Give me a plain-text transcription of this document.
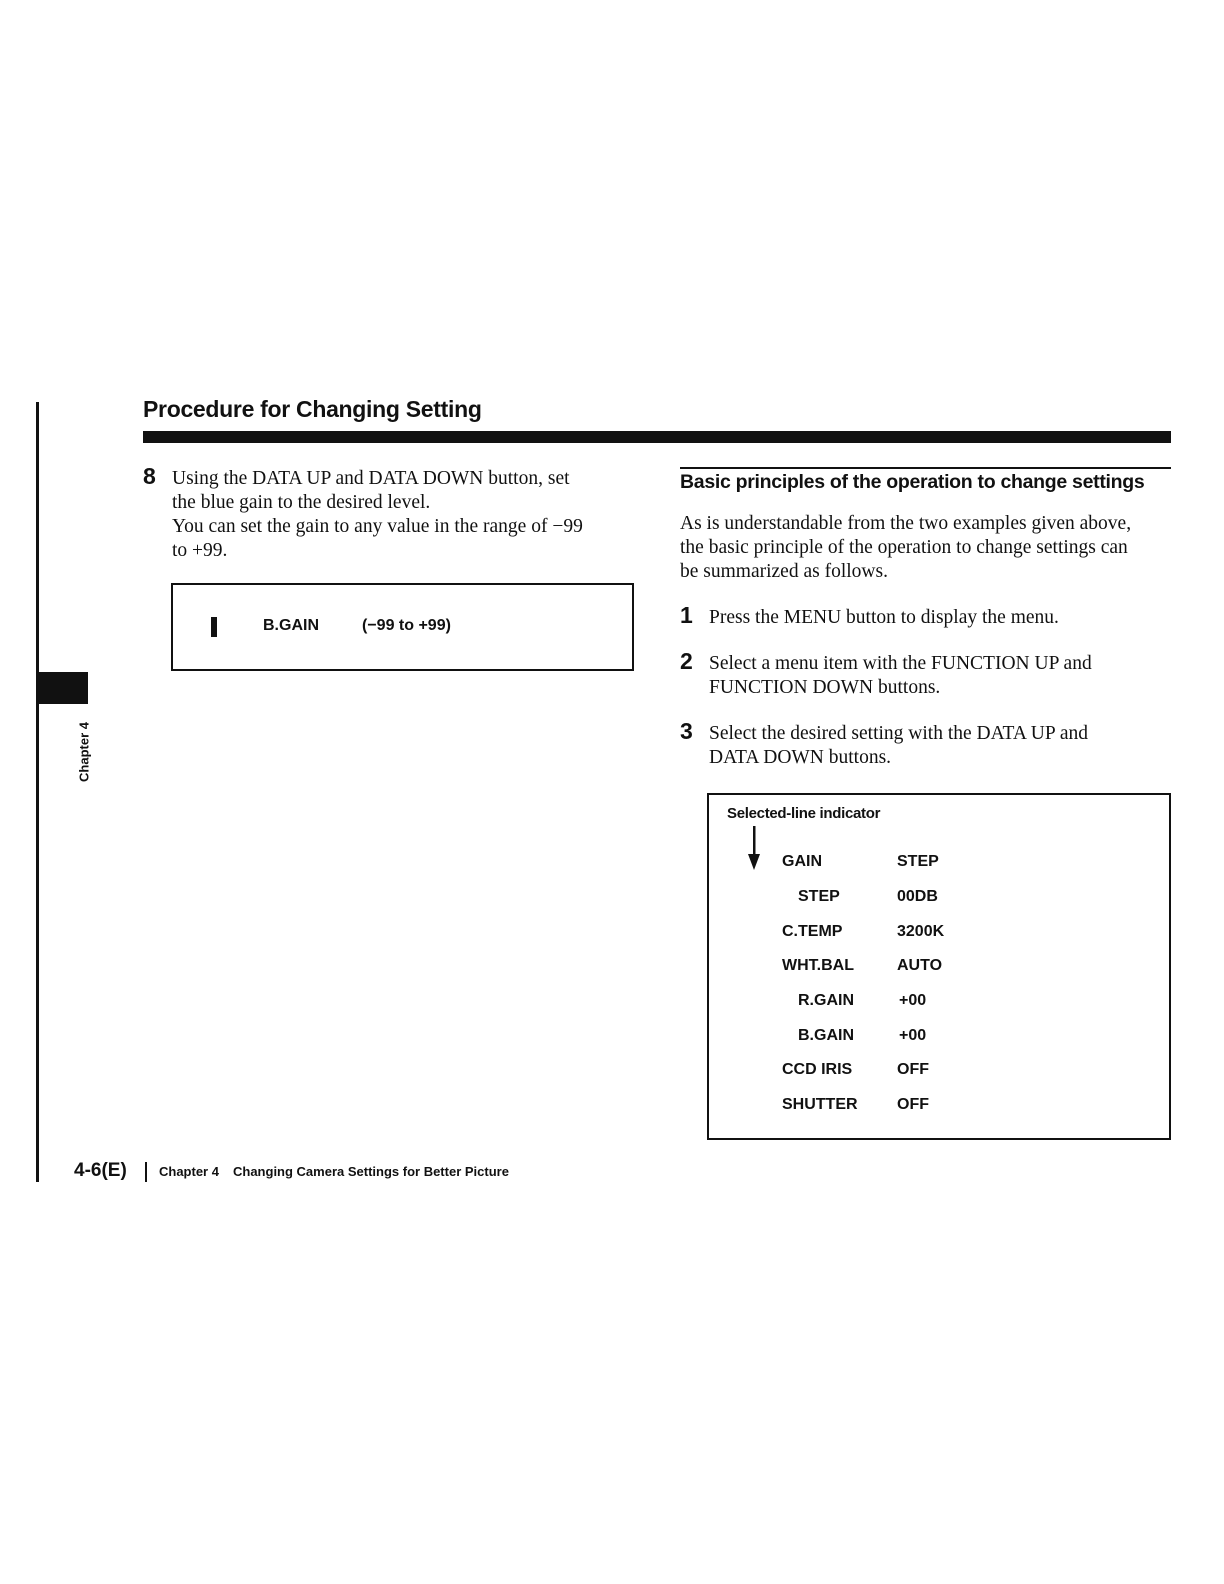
Chapter 4
Procedure for Changing Setting
8 Using the DATA UP and DATA DOWN button, set
the blue gain to the desired level.
You can set the gain to any value in the range of −99
to +99.
B.GAIN	(−99 to +99)
Basic principles of the operation to change settings
As is understandable from the two examples given above,
the basic principle of the operation to change settings can
be summarized as follows.
1 Press the MENU button to display the menu.
2 Select a menu item with the FUNCTION UP and
FUNCTION DOWN buttons.
3 Select the desired setting with the DATA UP and
DATA DOWN buttons.
Selected-line indicator
GAIN	STEP
STEP	00DB
C.TEMP	3200K
WHT.BAL	AUTO
R.GAIN	+00
B.GAIN	+00
CCD IRIS	OFF
SHUTTER OFF
4-6(E) Chapter 4 Changing Camera Settings for Better Picture
